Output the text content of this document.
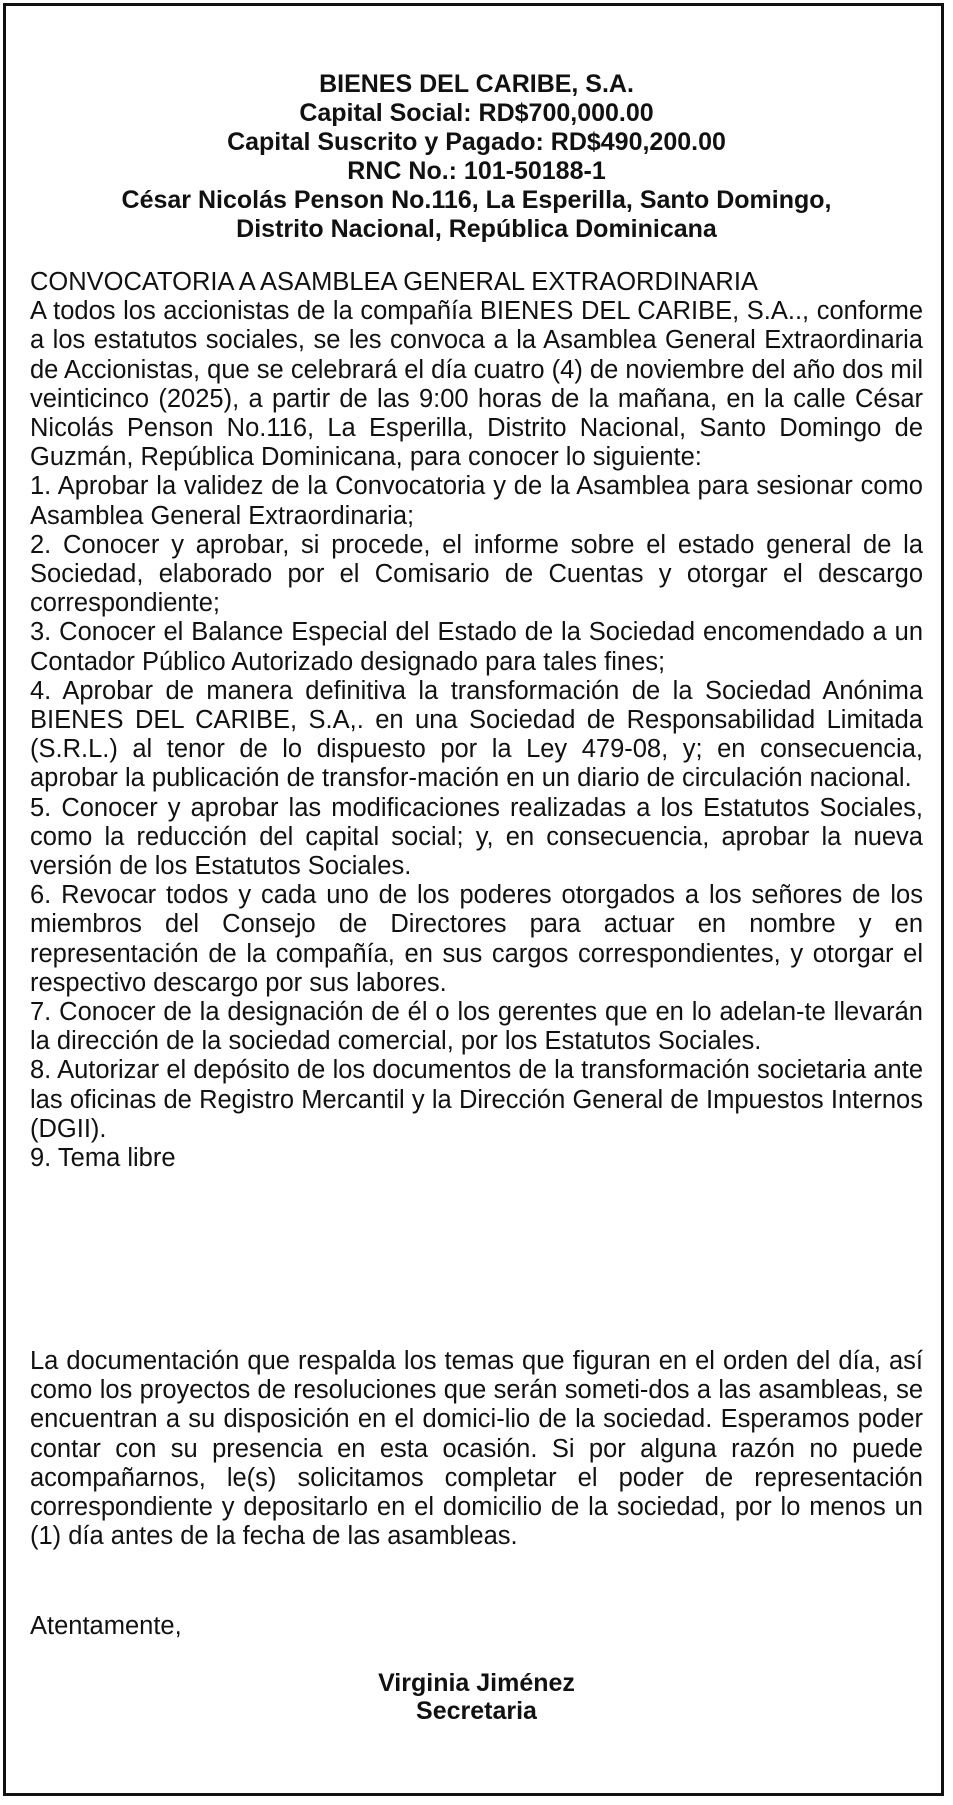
BIENES DEL CARIBE, S.A.
Capital Social: RD$700,000.00
Capital Suscrito y Pagado: RD$490,200.00
RNC No.: 101-50188-1
César Nicolás Penson No.116, La Esperilla, Santo Domingo,
Distrito Nacional, República Dominicana
CONVOCATORIA A ASAMBLEA GENERAL EXTRAORDINARIA

A todos los accionistas de la compañía BIENES DEL CARIBE, S.A.., conforme a los estatutos sociales, se les convoca a la Asamblea General Extraordinaria de Accionistas, que se celebrará el día cuatro (4) de noviembre del año dos mil veinticinco (2025), a partir de las 9:00 horas de la mañana, en la calle César Nicolás Penson No.116, La Esperilla, Distrito Nacional, Santo Domingo de Guzmán, República Dominicana, para conocer lo siguiente:

1. Aprobar la validez de la Convocatoria y de la Asamblea para sesionar como Asamblea General Extraordinaria;
2. Conocer y aprobar, si procede, el informe sobre el estado general de la Sociedad, elaborado por el Comisario de Cuentas y otorgar el descargo correspondiente;
3. Conocer el Balance Especial del Estado de la Sociedad encomendado a un Contador Público Autorizado designado para tales fines;
4. Aprobar de manera definitiva la transformación de la Sociedad Anónima BIENES DEL CARIBE, S.A,. en una Sociedad de Responsabilidad Limitada (S.R.L.) al tenor de lo dispuesto por la Ley 479-08, y; en consecuencia, aprobar la publicación de transfor-mación en un diario de circulación nacional.
5. Conocer y aprobar las modificaciones realizadas a los Estatutos Sociales, como la reducción del capital social; y, en consecuencia, aprobar la nueva versión de los Estatutos Sociales.
6. Revocar todos y cada uno de los poderes otorgados a los señores de los miembros del Consejo de Directores para actuar en nombre y en representación de la compañía, en sus cargos correspondientes, y otorgar el respectivo descargo por sus labores.
7. Conocer de la designación de él o los gerentes que en lo adelan-te llevarán la dirección de la sociedad comercial, por los Estatutos Sociales.
8. Autorizar el depósito de los documentos de la transformación societaria ante las oficinas de Registro Mercantil y la Dirección General de Impuestos Internos (DGII).
9. Tema libre

La documentación que respalda los temas que figuran en el orden del día, así como los proyectos de resoluciones que serán someti-dos a las asambleas, se encuentran a su disposición en el domici-lio de la sociedad. Esperamos poder contar con su presencia en esta ocasión. Si por alguna razón no puede acompañarnos, le(s) solicitamos completar el poder de representación correspondiente y depositarlo en el domicilio de la sociedad, por lo menos un (1) día antes de la fecha de las asambleas.

Atentamente,
Virginia Jiménez
Secretaria
